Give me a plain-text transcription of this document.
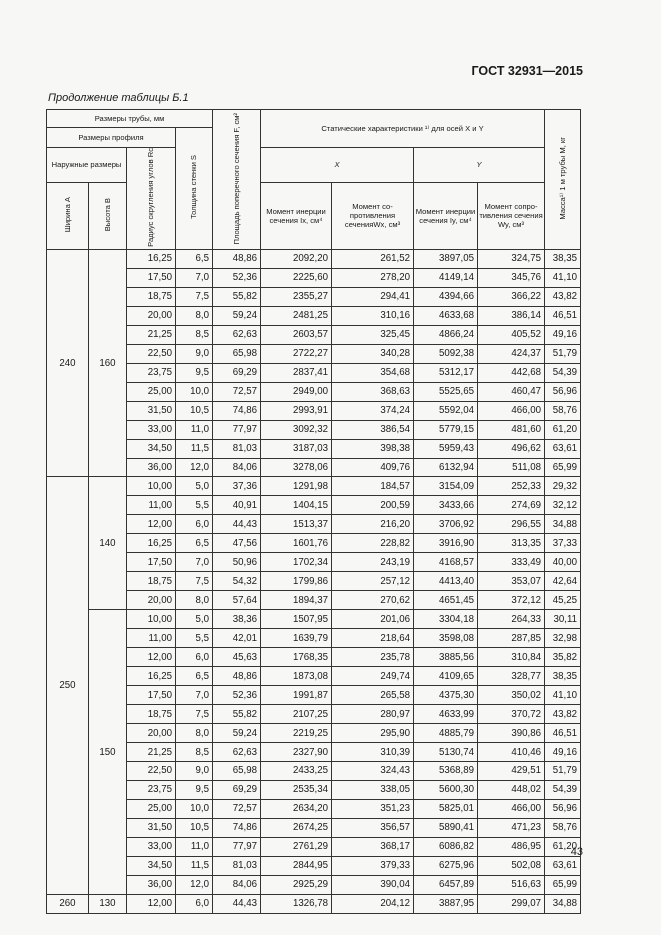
ГОСТ 32931—2015
Продолжение таблицы Б.1
Размеры трубы, мм				Площадь поперечного сечения F, см²	Статические характеристики ¹⁾ для осей X и Y				Масса¹⁾ 1 м трубы M, кг
Размеры профиля			Толщина стенки S						
Наружные размеры		Радиус скругления углов Rc			X		Y		
Ширина A	Высота B				Момент инерции сечения Ix, см⁴	Момент со-противления сеченияWx, см³	Момент инерции сечения Iy, см⁴	Момент сопро-тивления сечения Wy, см³	

240	160	16,25	6,5	48,86	2092,20	261,52	3897,05	324,75	38,35
		17,50	7,0	52,36	2225,60	278,20	4149,14	345,76	41,10
		18,75	7,5	55,82	2355,27	294,41	4394,66	366,22	43,82
		20,00	8,0	59,24	2481,25	310,16	4633,68	386,14	46,51
		21,25	8,5	62,63	2603,57	325,45	4866,24	405,52	49,16
		22,50	9,0	65,98	2722,27	340,28	5092,38	424,37	51,79
		23,75	9,5	69,29	2837,41	354,68	5312,17	442,68	54,39
		25,00	10,0	72,57	2949,00	368,63	5525,65	460,47	56,96
		31,50	10,5	74,86	2993,91	374,24	5592,04	466,00	58,76
		33,00	11,0	77,97	3092,32	386,54	5779,15	481,60	61,20
		34,50	11,5	81,03	3187,03	398,38	5959,43	496,62	63,61
		36,00	12,0	84,06	3278,06	409,76	6132,94	511,08	65,99
250	140	10,00	5,0	37,36	1291,98	184,57	3154,09	252,33	29,32
		11,00	5,5	40,91	1404,15	200,59	3433,66	274,69	32,12
		12,00	6,0	44,43	1513,37	216,20	3706,92	296,55	34,88
		16,25	6,5	47,56	1601,76	228,82	3916,90	313,35	37,33
		17,50	7,0	50,96	1702,34	243,19	4168,57	333,49	40,00
		18,75	7,5	54,32	1799,86	257,12	4413,40	353,07	42,64
		20,00	8,0	57,64	1894,37	270,62	4651,45	372,12	45,25
	150	10,00	5,0	38,36	1507,95	201,06	3304,18	264,33	30,11
		11,00	5,5	42,01	1639,79	218,64	3598,08	287,85	32,98
		12,00	6,0	45,63	1768,35	235,78	3885,56	310,84	35,82
		16,25	6,5	48,86	1873,08	249,74	4109,65	328,77	38,35
		17,50	7,0	52,36	1991,87	265,58	4375,30	350,02	41,10
		18,75	7,5	55,82	2107,25	280,97	4633,99	370,72	43,82
		20,00	8,0	59,24	2219,25	295,90	4885,79	390,86	46,51
		21,25	8,5	62,63	2327,90	310,39	5130,74	410,46	49,16
		22,50	9,0	65,98	2433,25	324,43	5368,89	429,51	51,79
		23,75	9,5	69,29	2535,34	338,05	5600,30	448,02	54,39
		25,00	10,0	72,57	2634,20	351,23	5825,01	466,00	56,96
		31,50	10,5	74,86	2674,25	356,57	5890,41	471,23	58,76
		33,00	11,0	77,97	2761,29	368,17	6086,82	486,95	61,20
		34,50	11,5	81,03	2844,95	379,33	6275,96	502,08	63,61
		36,00	12,0	84,06	2925,29	390,04	6457,89	516,63	65,99
260	130	12,00	6,0	44,43	1326,78	204,12	3887,95	299,07	34,88
43
